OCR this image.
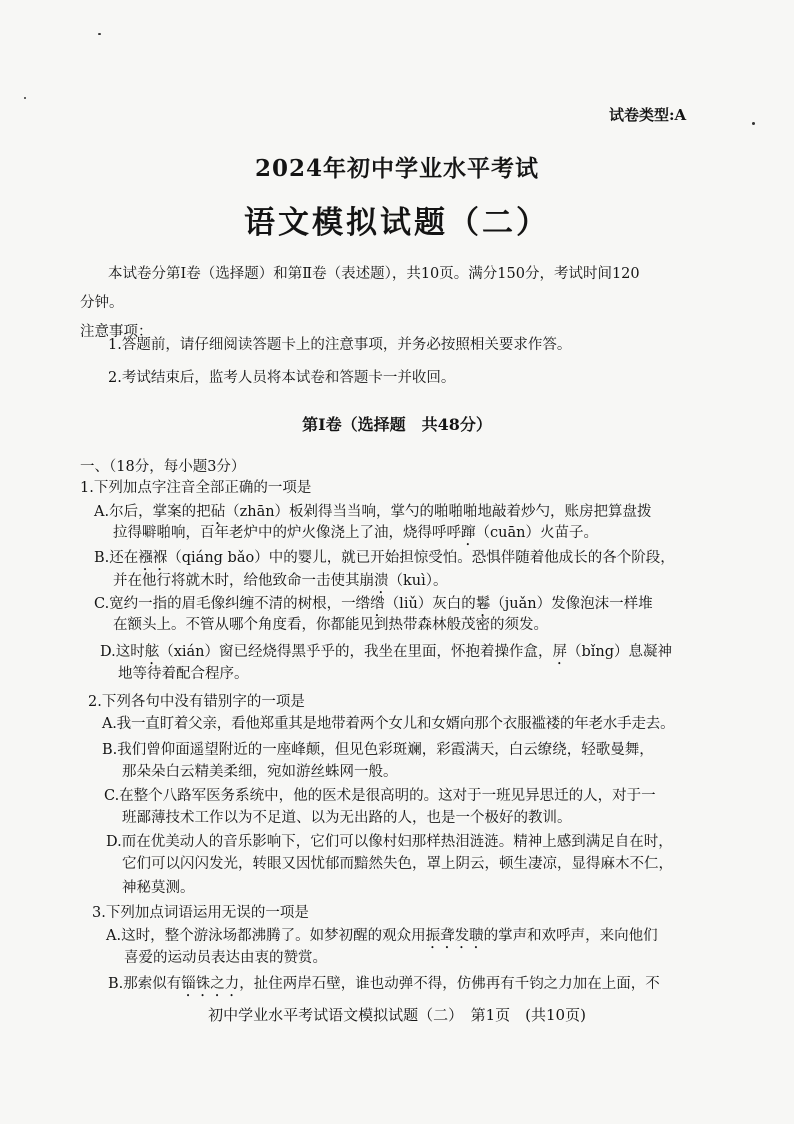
试卷类型:A
2024年初中学业水平考试
语文模拟试题（二）
本试卷分第Ⅰ卷（选择题）和第Ⅱ卷（表述题），共10页。满分150分，考试时间120
分钟。
注意事项：
1.答题前，请仔细阅读答题卡上的注意事项，并务必按照相关要求作答。
2.考试结束后，监考人员将本试卷和答题卡一并收回。
第Ⅰ卷（选择题　共48分）
一、（18分，每小题3分）
1.下列加点字注音全部正确的一项是
A.尔后，掌案的把砧（zhān）板剁得当当响，掌勺的啪啪啪地敲着炒勺，账房把算盘拨
拉得噼啪响，百年老炉中的炉火像浇上了油，烧得呼呼蹿（cuān）火苗子。
B.还在襁褓（qiáng bǎo）中的婴儿，就已开始担惊受怕。恐惧伴随着他成长的各个阶段，
并在他行将就木时，给他致命一击使其崩溃（kuì）。
C.宽约一指的眉毛像纠缠不清的树根，一绺绺（liǔ）灰白的鬈（juǎn）发像泡沫一样堆
在额头上。不管从哪个角度看，你都能见到热带森林般茂密的须发。
D.这时舷（xián）窗已经烧得黑乎乎的，我坐在里面，怀抱着操作盒，屏（bǐng）息凝神
地等待着配合程序。
2.下列各句中没有错别字的一项是
A.我一直盯着父亲，看他郑重其是地带着两个女儿和女婿向那个衣服褴褛的年老水手走去。
B.我们曾仰面遥望附近的一座峰颠，但见色彩斑斓，彩霞满天，白云缭绕，轻歌曼舞，
那朵朵白云精美柔细，宛如游丝蛛网一般。
C.在整个八路军医务系统中，他的医术是很高明的。这对于一班见异思迁的人，对于一
班鄙薄技术工作以为不足道、以为无出路的人，也是一个极好的教训。
D.而在优美动人的音乐影响下，它们可以像村妇那样热泪涟涟。精神上感到满足自在时，
它们可以闪闪发光，转眼又因忧郁而黯然失色，罩上阴云，顿生凄凉，显得麻木不仁，
神秘莫测。
3.下列加点词语运用无误的一项是
A.这时，整个游泳场都沸腾了。如梦初醒的观众用振聋发聩的掌声和欢呼声，来向他们
喜爱的运动员表达由衷的赞赏。
B.那索似有锱铢之力，扯住两岸石壁，谁也动弹不得，仿佛再有千钧之力加在上面，不
初中学业水平考试语文模拟试题（二）　第1页　(共10页)
